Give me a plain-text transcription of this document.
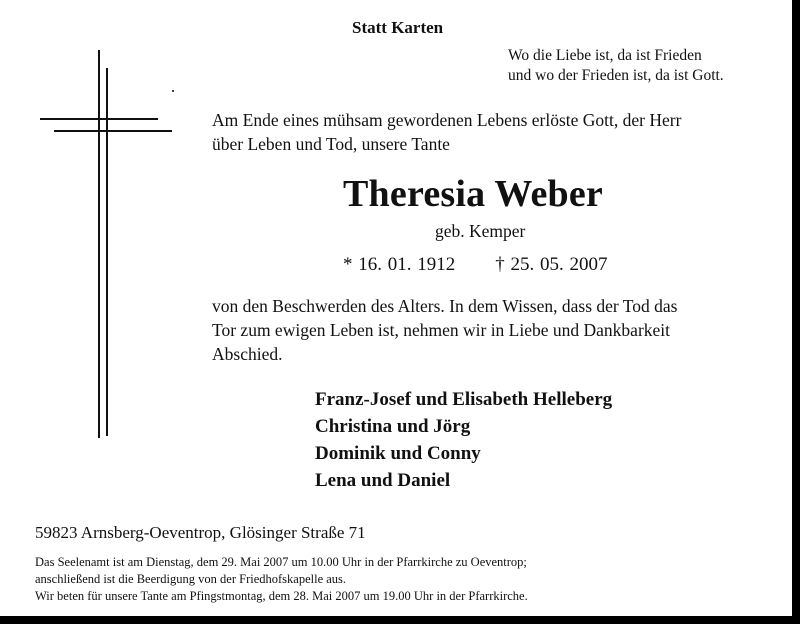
Statt Karten
Wo die Liebe ist, da ist Frieden
und wo der Frieden ist, da ist Gott.
Am Ende eines mühsam gewordenen Lebens erlöste Gott, der Herr
über Leben und Tod, unsere Tante
Theresia Weber
geb. Kemper
* 16. 01. 1912 † 25. 05. 2007
von den Beschwerden des Alters. In dem Wissen, dass der Tod das
Tor zum ewigen Leben ist, nehmen wir in Liebe und Dankbarkeit
Abschied.
Franz-Josef und Elisabeth Helleberg
Christina und Jörg
Dominik und Conny
Lena und Daniel
59823 Arnsberg-Oeventrop, Glösinger Straße 71
Das Seelenamt ist am Dienstag, dem 29. Mai 2007 um 10.00 Uhr in der Pfarrkirche zu Oeventrop;
anschließend ist die Beerdigung von der Friedhofskapelle aus.
Wir beten für unsere Tante am Pfingstmontag, dem 28. Mai 2007 um 19.00 Uhr in der Pfarrkirche.
